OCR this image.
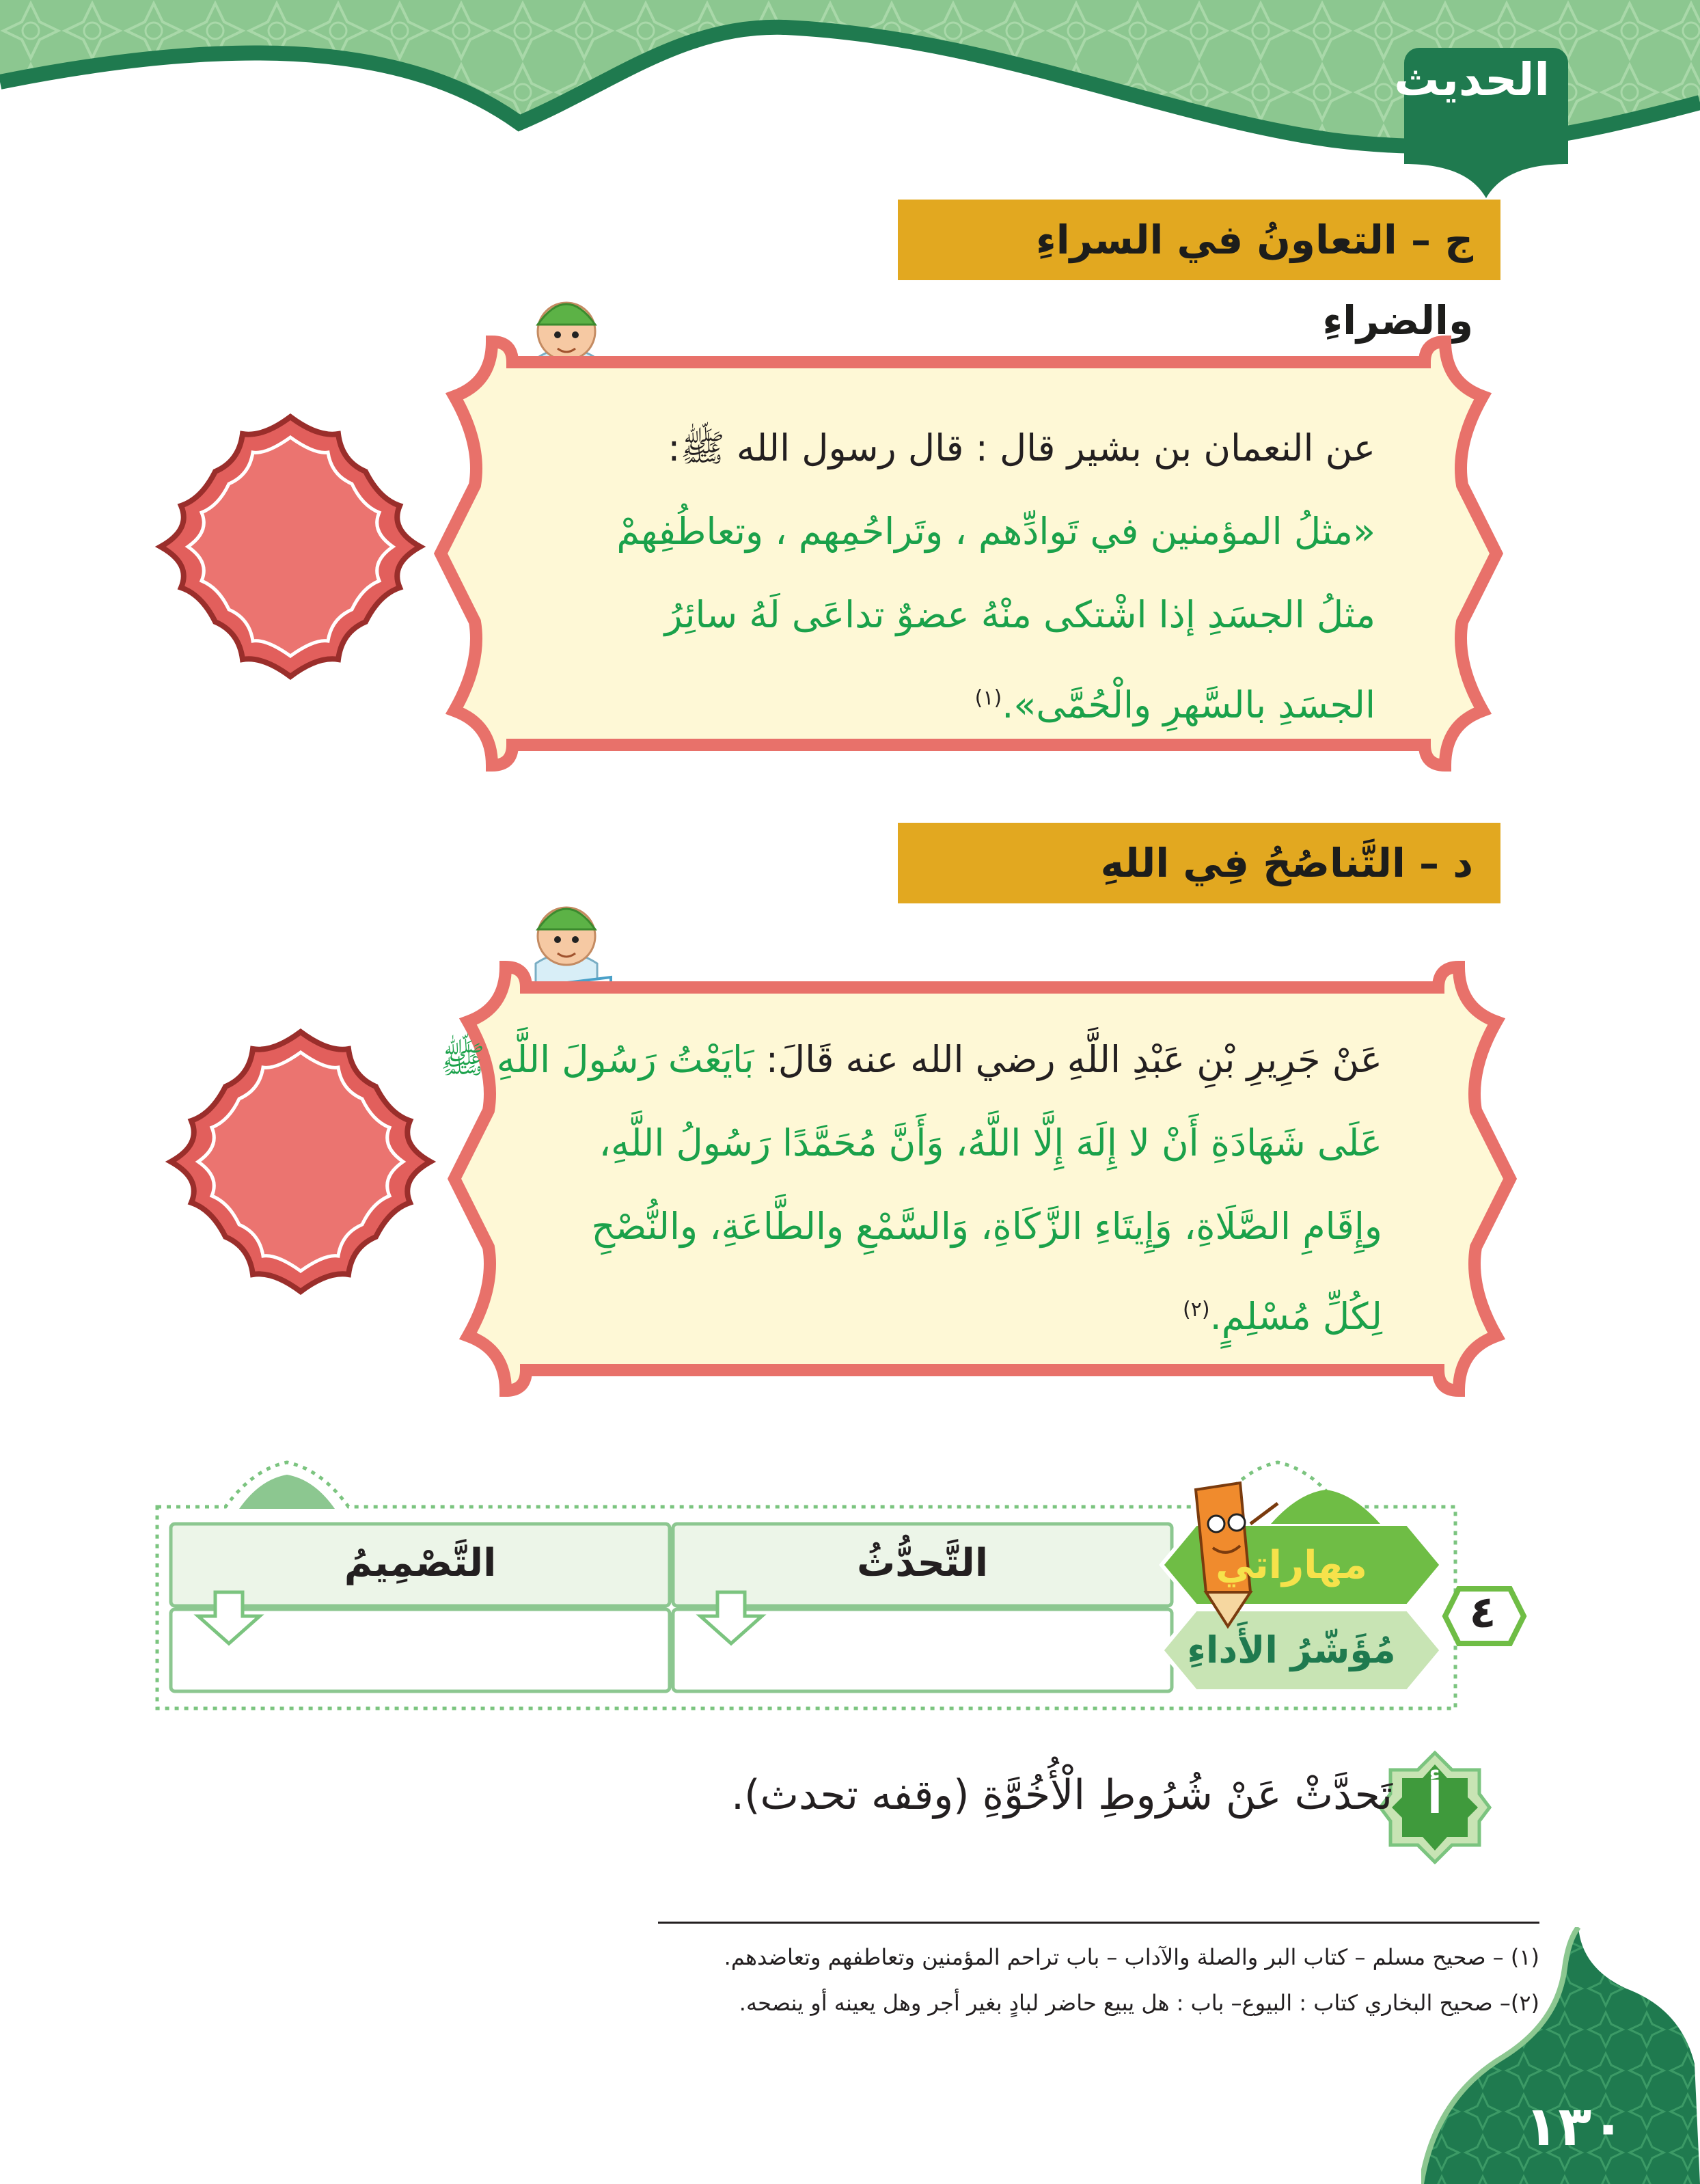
الحديث
ج – التعاونُ في السراءِ والضراءِ
عن النعمان بن بشير قال : قال رسول الله ﷺ:
«مثلُ المؤمنين في تَوادِّهم ، وتَراحُمِهم ، وتعاطُفِهمْ
مثلُ الجسَدِ إذا اشْتكى منْهُ عضوٌ تداعَى لَهُ سائِرُ
الجسَدِ بالسَّهرِ والْحُمَّى».$^{(١)}$
د – التَّناصُحُ فِي اللهِ
عَنْ جَرِيرِ بْنِ عَبْدِ اللَّهِ رضي الله عنه قَالَ: بَايَعْتُ رَسُولَ اللَّهِ ﷺ
عَلَى شَهَادَةِ أَنْ لا إِلَهَ إِلَّا اللَّهُ، وَأَنَّ مُحَمَّدًا رَسُولُ اللَّهِ،
وإِقَامِ الصَّلَاةِ، وَإِيتَاءِ الزَّكَاةِ، وَالسَّمْعِ والطَّاعَةِ، والنُّصْحِ
لِكُلِّ مُسْلِمٍ.$^{(٢)}$
التَّحدُّثُ
التَّصْمِيمُ	مهاراتي
مُؤَشّرُ الأَداءِ
٤
أ
تَحدَّثْ عَنْ شُرُوطِ الْأُخُوَّةِ (وقفه تحدث).
(١) – صحيح مسلم – كتاب البر والصلة والآداب – باب تراحم المؤمنين وتعاطفهم وتعاضدهم.
(٢)– صحيح البخاري كتاب : البيوع– باب : هل يبيع حاضر لبادٍ بغير أجر وهل يعينه أو ينصحه.
١٣٠
